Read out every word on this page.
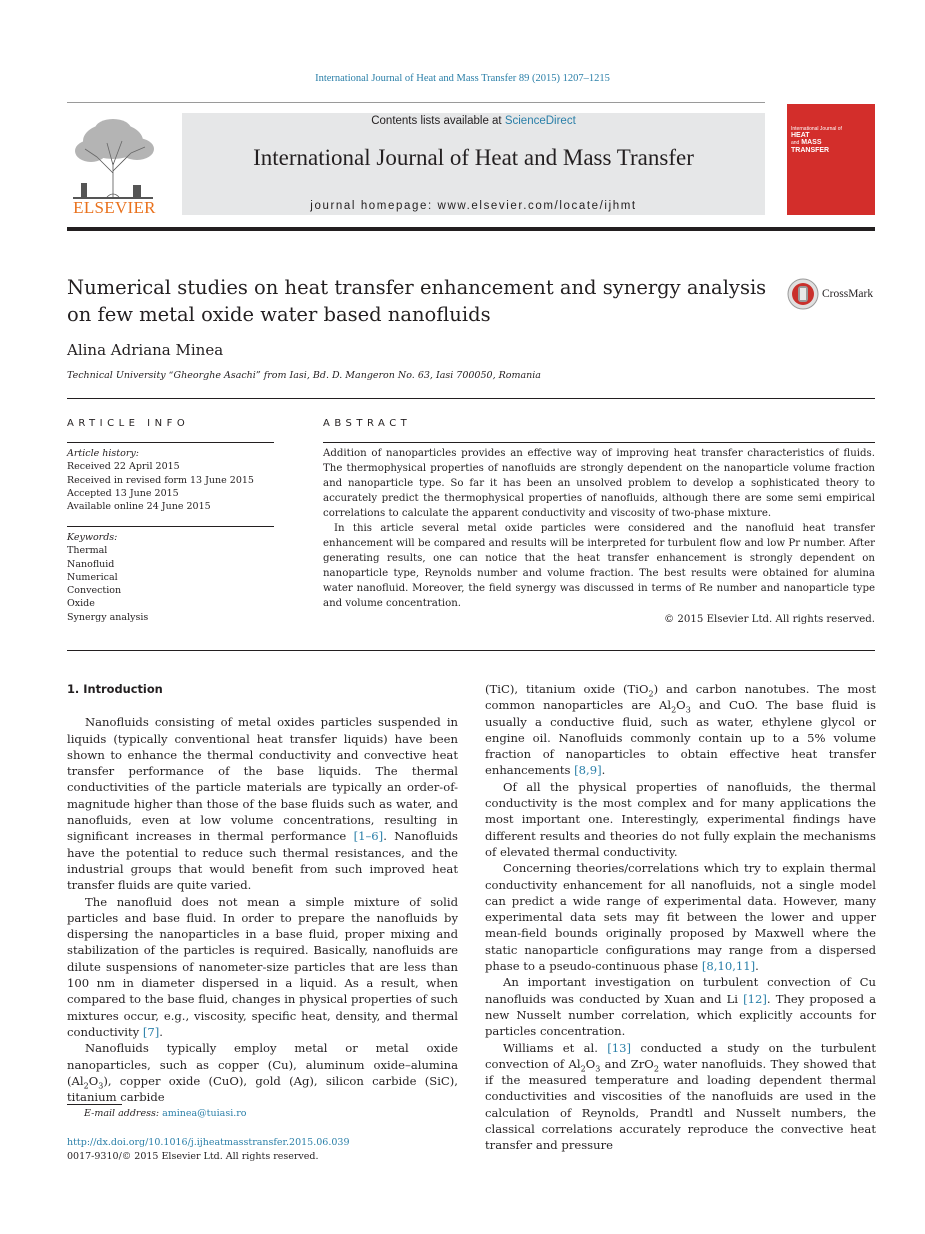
International Journal of Heat and Mass Transfer 89 (2015) 1207–1215
ELSEVIER
Contents lists available at ScienceDirect
International Journal of Heat and Mass Transfer
journal homepage: www.elsevier.com/locate/ijhmt
International Journal of
HEAT
and MASS
TRANSFER
Numerical studies on heat transfer enhancement and synergy analysis on few metal oxide water based nanofluids
CrossMark
Alina Adriana Minea
Technical University “Gheorghe Asachi” from Iasi, Bd. D. Mangeron No. 63, Iasi 700050, Romania
ARTICLE INFO
Article history:
Received 22 April 2015
Received in revised form 13 June 2015
Accepted 13 June 2015
Available online 24 June 2015
Keywords:
Thermal
Nanofluid
Numerical
Convection
Oxide
Synergy analysis
ABSTRACT

Addition of nanoparticles provides an effective way of improving heat transfer characteristics of fluids. The thermophysical properties of nanofluids are strongly dependent on the nanoparticle volume fraction and nanoparticle type. So far it has been an unsolved problem to develop a sophisticated theory to accurately predict the thermophysical properties of nanofluids, although there are some semi empirical correlations to calculate the apparent conductivity and viscosity of two-phase mixture.

In this article several metal oxide particles were considered and the nanofluid heat transfer enhancement will be compared and results will be interpreted for turbulent flow and low Pr number. After generating results, one can notice that the heat transfer enhancement is strongly dependent on nanoparticle type, Reynolds number and volume fraction. The best results were obtained for alumina water nanofluid. Moreover, the field synergy was discussed in terms of Re number and nanoparticle type and volume concentration.

© 2015 Elsevier Ltd. All rights reserved.
1. Introduction

Nanofluids consisting of metal oxides particles suspended in liquids (typically conventional heat transfer liquids) have been shown to enhance the thermal conductivity and convective heat transfer performance of the base liquids. The thermal conductivities of the particle materials are typically an order-of-magnitude higher than those of the base fluids such as water, and nanofluids, even at low volume concentrations, resulting in significant increases in thermal performance [1–6]. Nanofluids have the potential to reduce such thermal resistances, and the industrial groups that would benefit from such improved heat transfer fluids are quite varied.

The nanofluid does not mean a simple mixture of solid particles and base fluid. In order to prepare the nanofluids by dispersing the nanoparticles in a base fluid, proper mixing and stabilization of the particles is required. Basically, nanofluids are dilute suspensions of nanometer-size particles that are less than 100 nm in diameter dispersed in a liquid. As a result, when compared to the base fluid, changes in physical properties of such mixtures occur, e.g., viscosity, specific heat, density, and thermal conductivity [7].

Nanofluids typically employ metal or metal oxide nanoparticles, such as copper (Cu), aluminum oxide–alumina $(Al_2O_3)$, copper oxide (CuO), gold (Ag), silicon carbide (SiC), titanium carbide

(TiC), titanium oxide (TiO$_2$) and carbon nanotubes. The most common nanoparticles are $Al_2O_3$ and CuO. The base fluid is usually a conductive fluid, such as water, ethylene glycol or engine oil. Nanofluids commonly contain up to a 5% volume fraction of nanoparticles to obtain effective heat transfer enhancements [8,9].

Of all the physical properties of nanofluids, the thermal conductivity is the most complex and for many applications the most important one. Interestingly, experimental findings have different results and theories do not fully explain the mechanisms of elevated thermal conductivity.

Concerning theories/correlations which try to explain thermal conductivity enhancement for all nanofluids, not a single model can predict a wide range of experimental data. However, many experimental data sets may fit between the lower and upper mean-field bounds originally proposed by Maxwell where the static nanoparticle configurations may range from a dispersed phase to a pseudo-continuous phase [8,10,11].

An important investigation on turbulent convection of Cu nanofluids was conducted by Xuan and Li [12]. They proposed a new Nusselt number correlation, which explicitly accounts for particles concentration.

Williams et al. [13] conducted a study on the turbulent convection of $Al_2O_3$ and ZrO$_2$ water nanofluids. They showed that if the measured temperature and loading dependent thermal conductivities and viscosities of the nanofluids are used in the calculation of Reynolds, Prandtl and Nusselt numbers, the classical correlations accurately reproduce the convective heat transfer and pressure

E-mail address: aminea@tuiasi.ro
http://dx.doi.org/10.1016/j.ijheatmasstransfer.2015.06.039
0017-9310/© 2015 Elsevier Ltd. All rights reserved.
